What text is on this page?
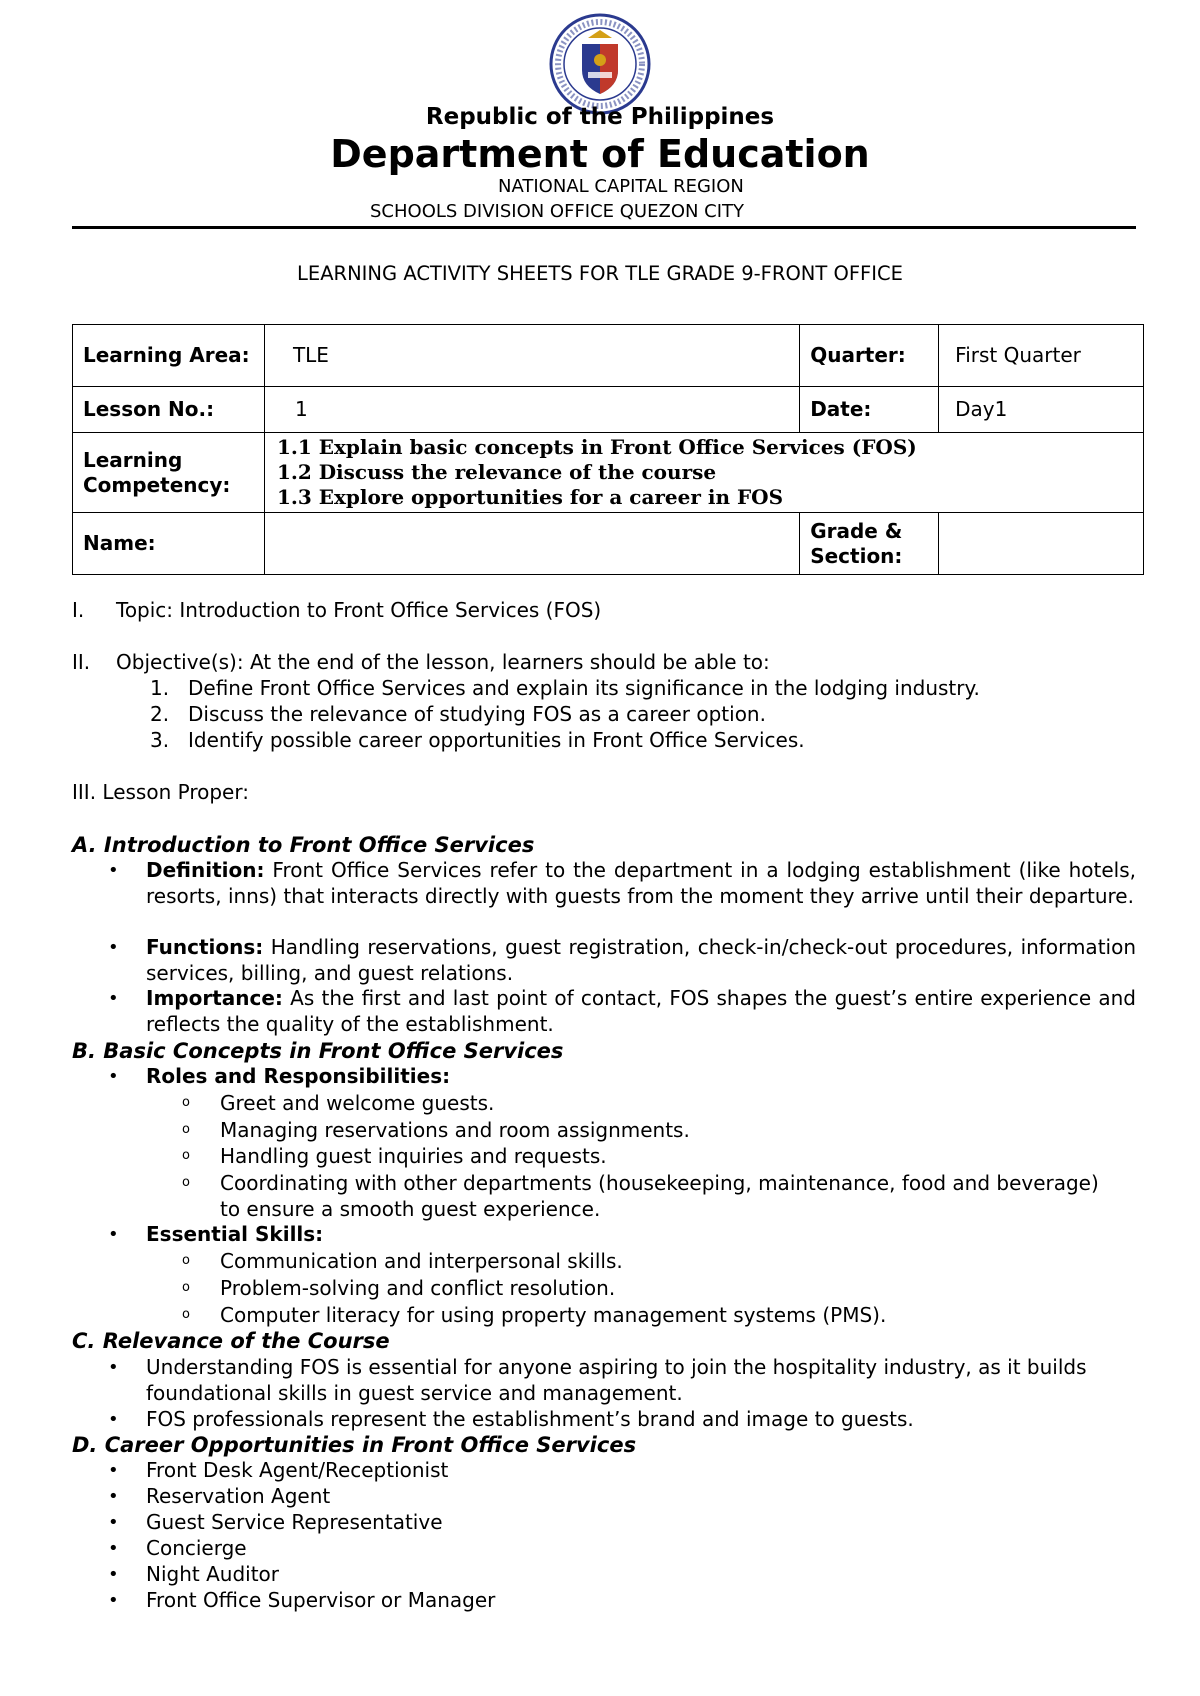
Republic of the Philippines
Department of Education
NATIONAL CAPITAL REGION
SCHOOLS DIVISION OFFICE QUEZON CITY
LEARNING ACTIVITY SHEETS FOR TLE GRADE 9-FRONT OFFICE
Learning Area:	TLE	Quarter:	First Quarter
Lesson No.:	1	Date:	Day1
Learning Competency:	1.1 Explain basic concepts in Front Office Services (FOS)
1.2 Discuss the relevance of the course
1.3 Explore opportunities for a career in FOS		

Name:		Grade & Section:	
I. Topic: Introduction to Front Office Services (FOS)
II. Objective(s): At the end of the lesson, learners should be able to:
1. Define Front Office Services and explain its significance in the lodging industry.
2. Discuss the relevance of studying FOS as a career option.
3. Identify possible career opportunities in Front Office Services.
III. Lesson Proper:
A. Introduction to Front Office Services
•	Definition: Front Office Services refer to the department in a lodging establishment (like hotels, resorts, inns) that interacts directly with guests from the moment they arrive until their departure.
•	Functions: Handling reservations, guest registration, check-in/check-out procedures, information services, billing, and guest relations.
•	Importance: As the first and last point of contact, FOS shapes the guest’s entire experience and reflects the quality of the establishment.
B. Basic Concepts in Front Office Services
•	Roles and Responsibilities:
o Greet and welcome guests.
o Managing reservations and room assignments.
o Handling guest inquiries and requests.
o Coordinating with other departments (housekeeping, maintenance, food and beverage) to ensure a smooth guest experience.
•	Essential Skills:
o Communication and interpersonal skills.
o Problem-solving and conflict resolution.
o Computer literacy for using property management systems (PMS).
C. Relevance of the Course
•	Understanding FOS is essential for anyone aspiring to join the hospitality industry, as it builds foundational skills in guest service and management.
•	FOS professionals represent the establishment’s brand and image to guests.
D. Career Opportunities in Front Office Services
•	Front Desk Agent/Receptionist
•	Reservation Agent
•	Guest Service Representative
•	Concierge
•	Night Auditor
•	Front Office Supervisor or Manager
